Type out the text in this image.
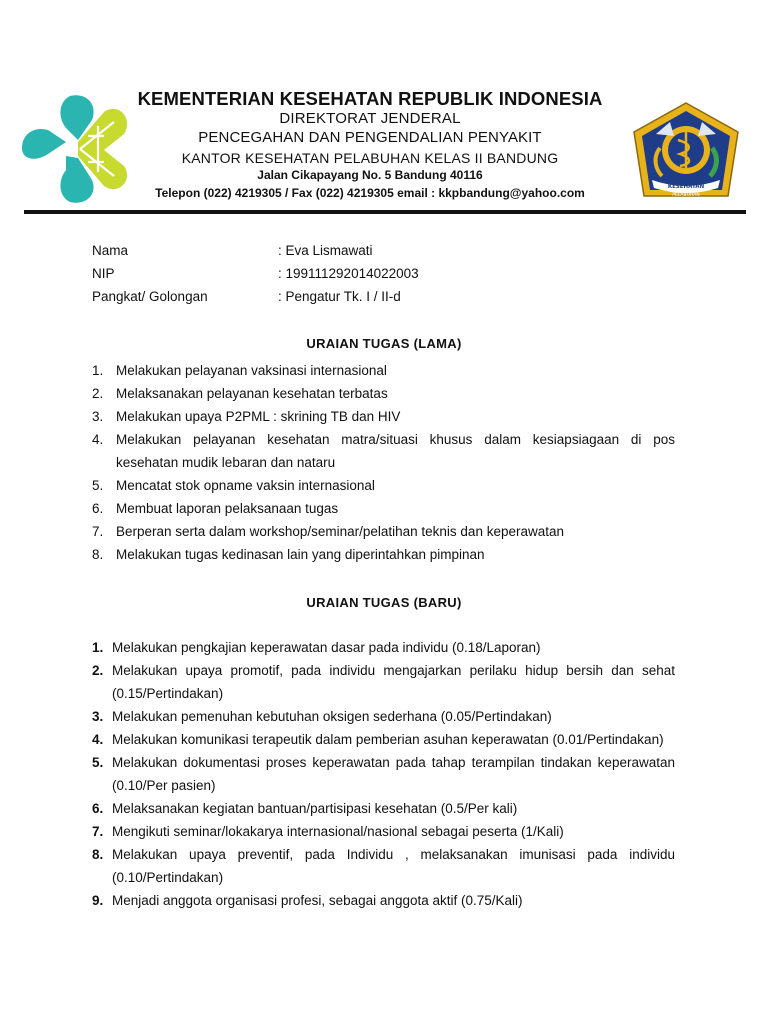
KEMENTERIAN KESEHATAN REPUBLIK INDONESIA
DIREKTORAT JENDERAL
PENCEGAHAN DAN PENGENDALIAN PENYAKIT
KANTOR KESEHATAN PELABUHAN KELAS II BANDUNG
Jalan Cikapayang No. 5 Bandung 40116
Telepon (022) 4219305 / Fax (022) 4219305 email : kkpbandung@yahoo.com	KESEHATAN
PELABUHAN
Nama	: Eva Lismawati
NIP	: 199111292014022003
Pangkat/ Golongan	: Pengatur Tk. I / II-d
URAIAN TUGAS (LAMA)
1. Melakukan pelayanan vaksinasi internasional
2. Melaksanakan pelayanan kesehatan terbatas
3. Melakukan upaya P2PML : skrining TB dan HIV
4. Melakukan pelayanan kesehatan matra/situasi khusus dalam kesiapsiagaan di pos kesehatan mudik lebaran dan nataru
5. Mencatat stok opname vaksin internasional
6. Membuat laporan pelaksanaan tugas
7. Berperan serta dalam workshop/seminar/pelatihan teknis dan keperawatan
8. Melakukan tugas kedinasan lain yang diperintahkan pimpinan
URAIAN TUGAS (BARU)
1. Melakukan pengkajian keperawatan dasar pada individu (0.18/Laporan)
2. Melakukan upaya promotif, pada individu mengajarkan perilaku hidup bersih dan sehat (0.15/Pertindakan)
3. Melakukan pemenuhan kebutuhan oksigen sederhana (0.05/Pertindakan)
4. Melakukan komunikasi terapeutik dalam pemberian asuhan keperawatan (0.01/Pertindakan)
5. Melakukan dokumentasi proses keperawatan pada tahap terampilan tindakan keperawatan (0.10/Per pasien)
6. Melaksanakan kegiatan bantuan/partisipasi kesehatan (0.5/Per kali)
7. Mengikuti seminar/lokakarya internasional/nasional sebagai peserta (1/Kali)
8. Melakukan upaya preventif, pada Individu , melaksanakan imunisasi pada individu (0.10/Pertindakan)
9. Menjadi anggota organisasi profesi, sebagai anggota aktif (0.75/Kali)
